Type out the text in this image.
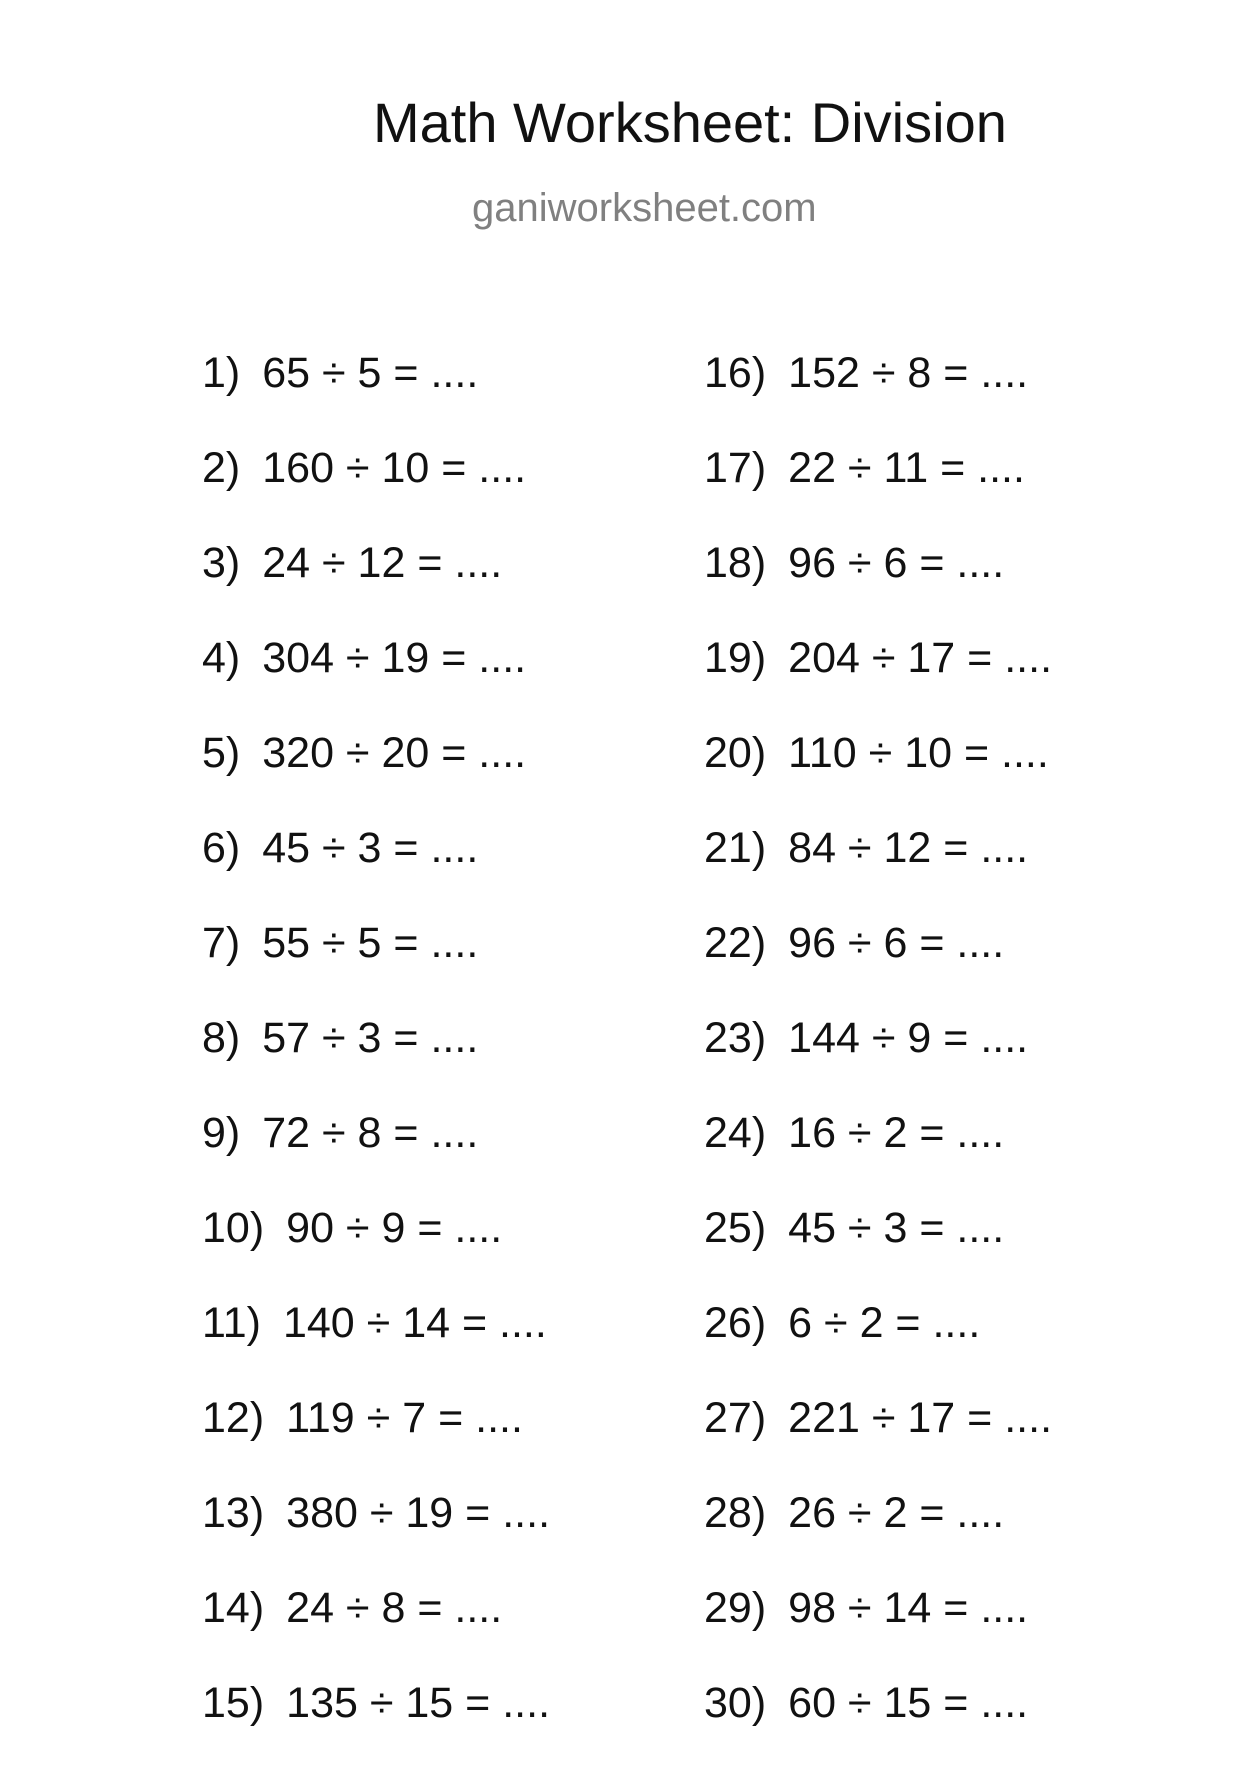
Math Worksheet: Division
ganiworksheet.com
1) 65 ÷ 5 = ....
2) 160 ÷ 10 = ....
3) 24 ÷ 12 = ....
4) 304 ÷ 19 = ....
5) 320 ÷ 20 = ....
6) 45 ÷ 3 = ....
7) 55 ÷ 5 = ....
8) 57 ÷ 3 = ....
9) 72 ÷ 8 = ....
10) 90 ÷ 9 = ....
11) 140 ÷ 14 = ....
12) 119 ÷ 7 = ....
13) 380 ÷ 19 = ....
14) 24 ÷ 8 = ....
15) 135 ÷ 15 = ....
16) 152 ÷ 8 = ....
17) 22 ÷ 11 = ....
18) 96 ÷ 6 = ....
19) 204 ÷ 17 = ....
20) 110 ÷ 10 = ....
21) 84 ÷ 12 = ....
22) 96 ÷ 6 = ....
23) 144 ÷ 9 = ....
24) 16 ÷ 2 = ....
25) 45 ÷ 3 = ....
26) 6 ÷ 2 = ....
27) 221 ÷ 17 = ....
28) 26 ÷ 2 = ....
29) 98 ÷ 14 = ....
30) 60 ÷ 15 = ....
